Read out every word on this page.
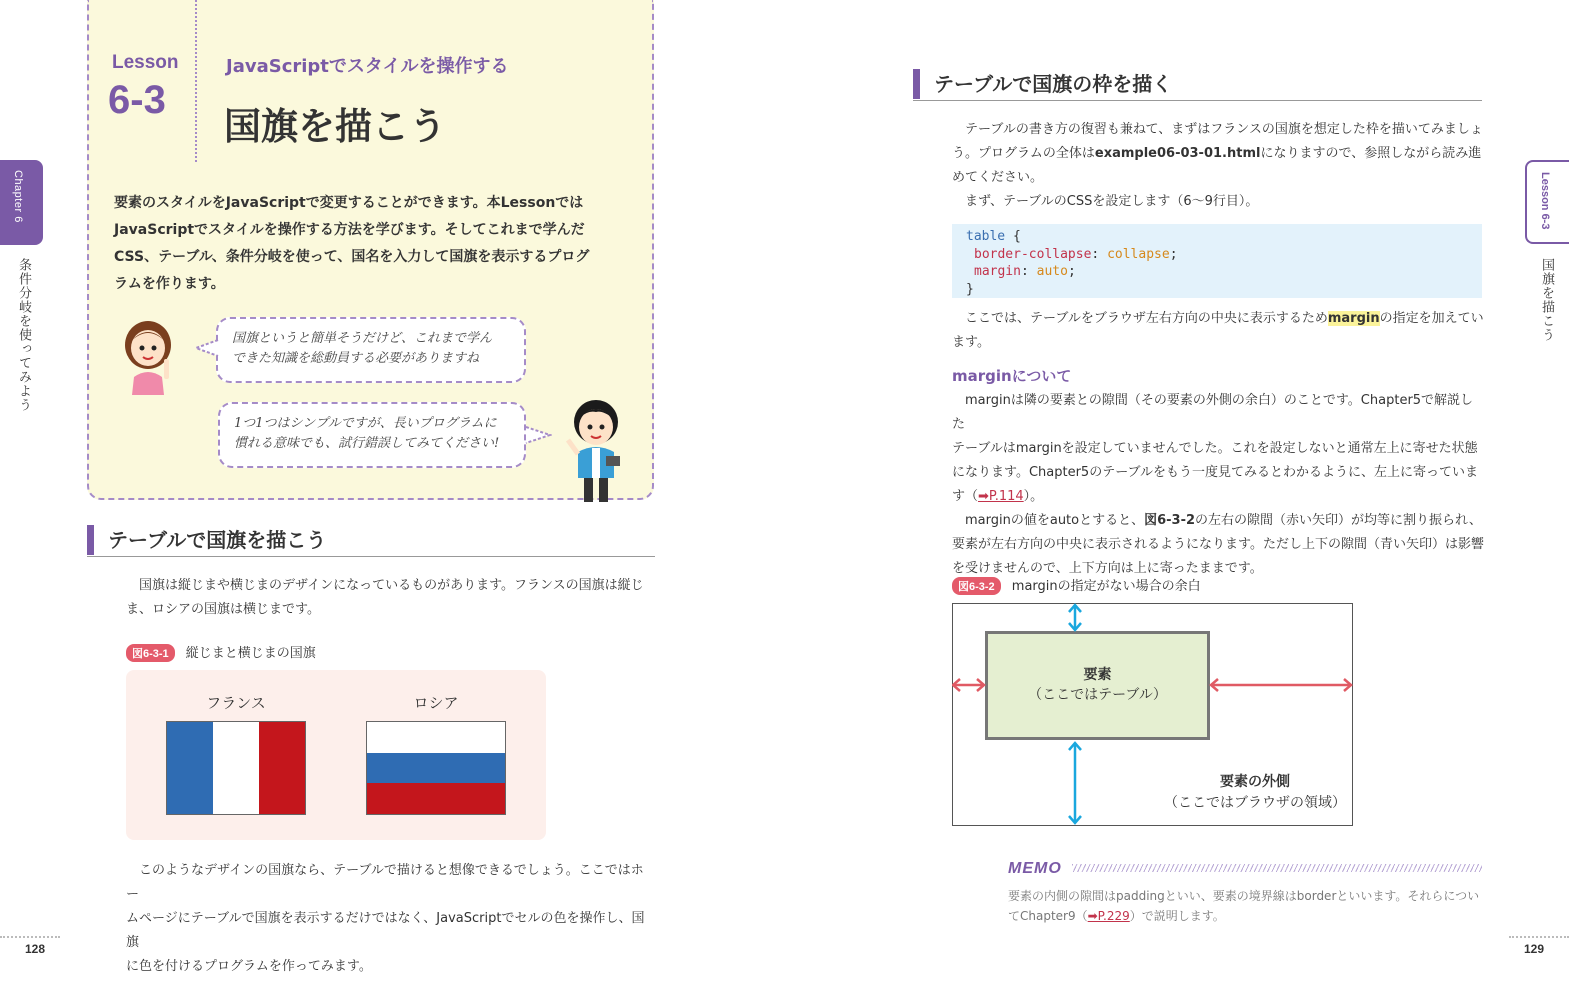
Chapter 6
条件分岐を使ってみよう
Lesson
6-3
JavaScriptでスタイルを操作する
国旗を描こう
要素のスタイルをJavaScriptで変更することができます。本Lessonでは
JavaScriptでスタイルを操作する方法を学びます。そしてこれまで学んだ
CSS、テーブル、条件分岐を使って、国名を入力して国旗を表示するプログ
ラムを作ります。
国旗というと簡単そうだけど、これまで学ん
できた知識を総動員する必要がありますね
1つ1つはシンプルですが、長いプログラムに
慣れる意味でも、試行錯誤してみてください!
テーブルで国旗を描こう
国旗は縦じまや横じまのデザインになっているものがあります。フランスの国旗は縦じ
ま、ロシアの国旗は横じまです。
図6-3-1 縦じまと横じまの国旗
フランス	ロシア
このようなデザインの国旗なら、テーブルで描けると想像できるでしょう。ここではホー
ムページにテーブルで国旗を表示するだけではなく、JavaScriptでセルの色を操作し、国旗
に色を付けるプログラムを作ってみます。
128
Lesson 6-3
国旗を描こう
テーブルで国旗の枠を描く
テーブルの書き方の復習も兼ねて、まずはフランスの国旗を想定した枠を描いてみましょ
う。プログラムの全体はexample06-03-01.htmlになりますので、参照しながら読み進
めてください。
まず、テーブルのCSSを設定します（6～9行目）。
table {
border-collapse: collapse;
margin: auto;
}
ここでは、テーブルをブラウザ左右方向の中央に表示するためmarginの指定を加えてい
ます。
marginについて
marginは隣の要素との隙間（その要素の外側の余白）のことです。Chapter5で解説した
テーブルはmarginを設定していませんでした。これを設定しないと通常左上に寄せた状態
になります。Chapter5のテーブルをもう一度見てみるとわかるように、左上に寄っていま
す（➡P.114）。
marginの値をautoとすると、図6-3-2の左右の隙間（赤い矢印）が均等に割り振られ、
要素が左右方向の中央に表示されるようになります。ただし上下の隙間（青い矢印）は影響
を受けませんので、上下方向は上に寄ったままです。
図6-3-2 marginの指定がない場合の余白
要素
（ここではテーブル）
要素の外側
（ここではブラウザの領域）
MEMO
要素の内側の隙間はpaddingといい、要素の境界線はborderといいます。それらについ
てChapter9（➡P.229）で説明します。
129
